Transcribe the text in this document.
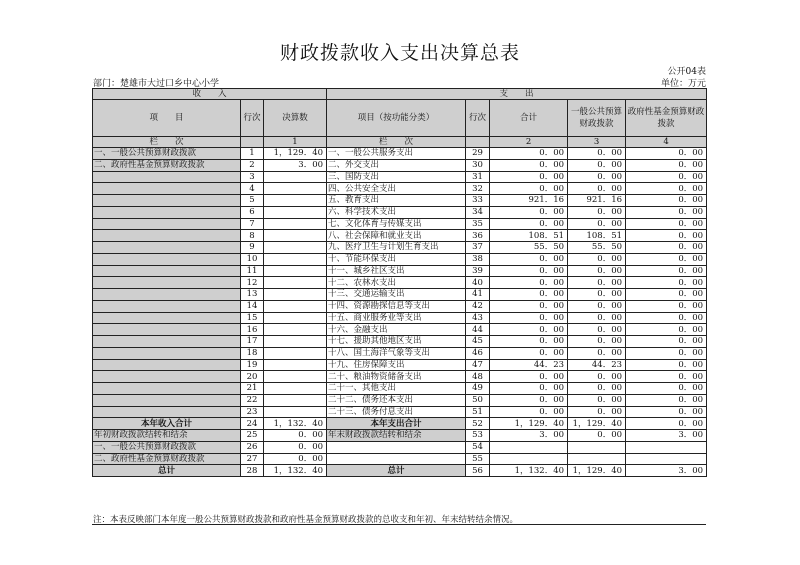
财政拨款收入支出决算总表
公开04表
部门：楚雄市大过口乡中心小学	单位：万元
收　　入			支　　出				
项　　目	行次	决算数	项目（按功能分类）	行次	合计	一般公共预算财政拨款	政府性基金预算财政拨款
栏　　次		1	栏　　次		2	3	4
一、一般公共预算财政拨款	1	1，129．40	一、一般公共服务支出	29	0．00	0．00	0．00
二、政府性基金预算财政拨款	2	3．00	二、外交支出	30	0．00	0．00	0．00
	3		三、国防支出	31	0．00	0．00	0．00
	4		四、公共安全支出	32	0．00	0．00	0．00
	5		五、教育支出	33	921．16	921．16	0．00
	6		六、科学技术支出	34	0．00	0．00	0．00
	7		七、文化体育与传媒支出	35	0．00	0．00	0．00
	8		八、社会保障和就业支出	36	108．51	108．51	0．00
	9		九、医疗卫生与计划生育支出	37	55．50	55．50	0．00
	10		十、节能环保支出	38	0．00	0．00	0．00
	11		十一、城乡社区支出	39	0．00	0．00	0．00
	12		十二、农林水支出	40	0．00	0．00	0．00
	13		十三、交通运输支出	41	0．00	0．00	0．00
	14		十四、资源勘探信息等支出	42	0．00	0．00	0．00
	15		十五、商业服务业等支出	43	0．00	0．00	0．00
	16		十六、金融支出	44	0．00	0．00	0．00
	17		十七、援助其他地区支出	45	0．00	0．00	0．00
	18		十八、国土海洋气象等支出	46	0．00	0．00	0．00
	19		十九、住房保障支出	47	44．23	44．23	0．00
	20		二十、粮油物资储备支出	48	0．00	0．00	0．00
	21		二十一、其他支出	49	0．00	0．00	0．00
	22		二十二、债务还本支出	50	0．00	0．00	0．00
	23		二十三、债务付息支出	51	0．00	0．00	0．00
本年收入合计	24	1，132．40	本年支出合计	52	1，129．40	1，129．40	0．00
年初财政拨款结转和结余	25	0．00	年末财政拨款结转和结余	53	3．00	0．00	3．00
一、一般公共预算财政拨款	26	0．00		54			
二、政府性基金预算财政拨款	27	0．00		55			
总计	28	1，132．40	总计	56	1，132．40	1，129．40	3．00
注：本表反映部门本年度一般公共预算财政拨款和政府性基金预算财政拨款的总收支和年初、年末结转结余情况。
